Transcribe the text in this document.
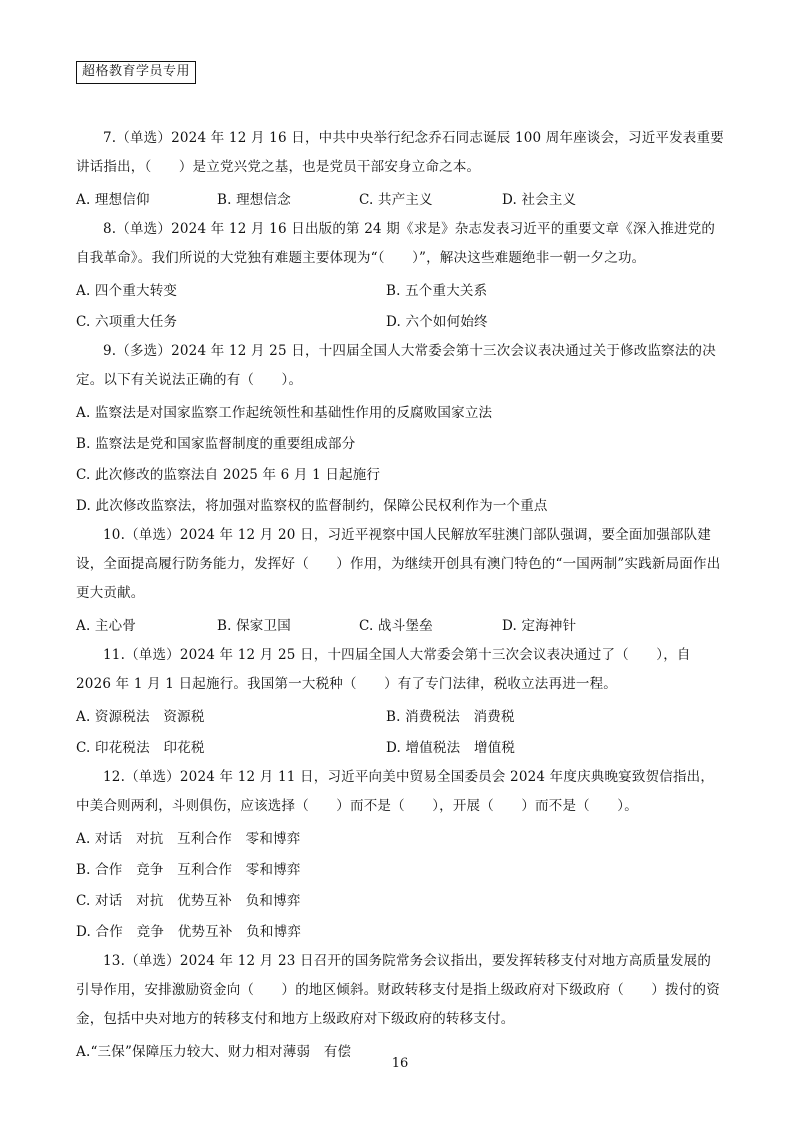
超格教育学员专用

7.（单选）2024 年 12 月 16 日，中共中央举行纪念乔石同志诞辰 100 周年座谈会，习近平发表重要讲话指出，（　　）是立党兴党之基，也是党员干部安身立命之本。

A. 理想信仰	B. 理想信念	C. 共产主义	D. 社会主义

8.（单选）2024 年 12 月 16 日出版的第 24 期《求是》杂志发表习近平的重要文章《深入推进党的自我革命》。我们所说的大党独有难题主要体现为“（　　）”，解决这些难题绝非一朝一夕之功。

A. 四个重大转变	B. 五个重大关系
C. 六项重大任务	D. 六个如何始终

9.（多选）2024 年 12 月 25 日，十四届全国人大常委会第十三次会议表决通过关于修改监察法的决定。以下有关说法正确的有（　　）。

A. 监察法是对国家监察工作起统领性和基础性作用的反腐败国家立法
B. 监察法是党和国家监督制度的重要组成部分
C. 此次修改的监察法自 2025 年 6 月 1 日起施行
D. 此次修改监察法，将加强对监察权的监督制约，保障公民权利作为一个重点

10.（单选）2024 年 12 月 20 日，习近平视察中国人民解放军驻澳门部队强调，要全面加强部队建设，全面提高履行防务能力，发挥好（　　）作用，为继续开创具有澳门特色的“一国两制”实践新局面作出更大贡献。

A. 主心骨	B. 保家卫国	C. 战斗堡垒	D. 定海神针

11.（单选）2024 年 12 月 25 日，十四届全国人大常委会第十三次会议表决通过了（　　），自 2026 年 1 月 1 日起施行。我国第一大税种（　　）有了专门法律，税收立法再进一程。

A. 资源税法　资源税	B. 消费税法　消费税
C. 印花税法　印花税	D. 增值税法　增值税

12.（单选）2024 年 12 月 11 日，习近平向美中贸易全国委员会 2024 年度庆典晚宴致贺信指出，中美合则两利，斗则俱伤，应该选择（　　）而不是（　　），开展（　　）而不是（　　）。

A. 对话　对抗　互利合作　零和博弈
B. 合作　竞争　互利合作　零和博弈
C. 对话　对抗　优势互补　负和博弈
D. 合作　竞争　优势互补　负和博弈

13.（单选）2024 年 12 月 23 日召开的国务院常务会议指出，要发挥转移支付对地方高质量发展的引导作用，安排激励资金向（　　）的地区倾斜。财政转移支付是指上级政府对下级政府（　　）拨付的资金，包括中央对地方的转移支付和地方上级政府对下级政府的转移支付。

A.“三保”保障压力较大、财力相对薄弱　有偿
16
